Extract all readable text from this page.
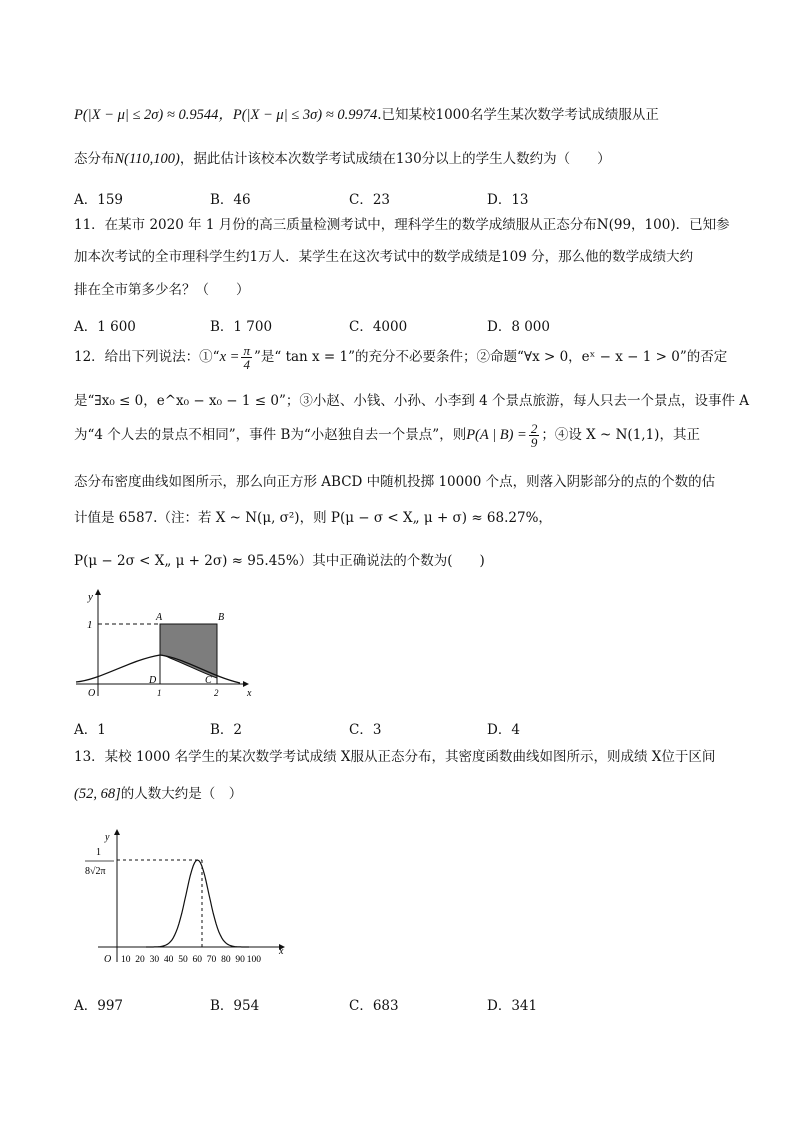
P(|X − μ| ≤ 2σ) ≈ 0.9544，P(|X − μ| ≤ 3σ) ≈ 0.9974.已知某校1000名学生某次数学考试成绩服从正
态分布N(110,100)，据此估计该校本次数学考试成绩在130分以上的学生人数约为（　　）
A．159	B．46	C．23	D．13
11．在某市 2020 年 1 月份的高三质量检测考试中，理科学生的数学成绩服从正态分布N(99，100)．已知参
加本次考试的全市理科学生约1万人．某学生在这次考试中的数学成绩是109 分，那么他的数学成绩大约
排在全市第多少名？（　　）
A．1 600	B．1 700	C．4000	D．8 000
12．给出下列说法：①“x = $\frac{\pi}{4}$ ”是“ tan x = 1”的充分不必要条件；②命题“∀x > 0，eˣ − x − 1 > 0”的否定
是“∃x₀ ≤ 0，e^x₀ − x₀ − 1 ≤ 0”；③小赵、小钱、小孙、小李到 4 个景点旅游，每人只去一个景点，设事件 A
为“4 个人去的景点不相同”，事件 B为“小赵独自去一个景点”，则P(A | $B) = \frac{2}{9}$ ；④设 X ~ N(1,1)，其正
态分布密度曲线如图所示，那么向正方形 ABCD 中随机投掷 10000 个点，则落入阴影部分的点的个数的估
计值是 6587.（注：若 X ~ N(μ, σ²)，则 P(μ − σ < X„ μ + σ) ≈ 68.27%，
P(μ − 2σ < X„ μ + 2σ) ≈ 95.45%）其中正确说法的个数为(　　)
y
1
A	B
D	C
O	1	2	x
A．1	B．2	C．3	D．4
13．某校 1000 名学生的某次数学考试成绩 X服从正态分布，其密度函数曲线如图所示，则成绩 X位于区间
(52, 68]的人数大约是（　）
10 20 30 40 50 60 70 80 90 100
y
1
8√2π
O
x
A．997	B．954	C．683	D．341
